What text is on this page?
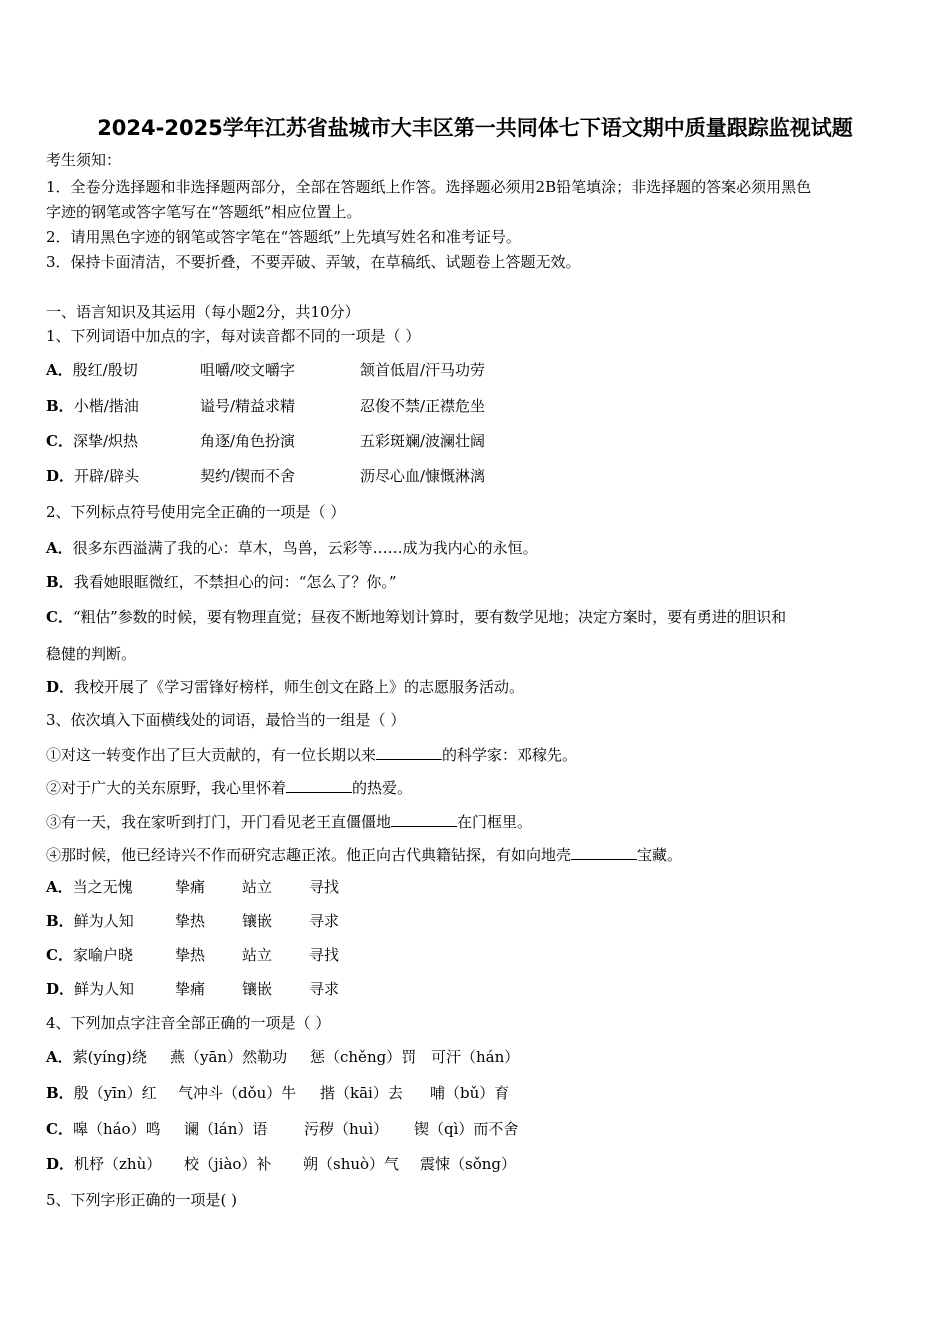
2024-2025学年江苏省盐城市大丰区第一共同体七下语文期中质量跟踪监视试题
考生须知：
1．全卷分选择题和非选择题两部分，全部在答题纸上作答。选择题必须用2B铅笔填涂；非选择题的答案必须用黑色
字迹的钢笔或答字笔写在“答题纸”相应位置上。
2．请用黑色字迹的钢笔或答字笔在“答题纸”上先填写姓名和准考证号。
3．保持卡面清洁，不要折叠，不要弄破、弄皱，在草稿纸、试题卷上答题无效。
一、语言知识及其运用（每小题2分，共10分）
1、下列词语中加点的字，每对读音都不同的一项是（ ）
A．殷红/殷切	咀嚼/咬文嚼字	颔首低眉/汗马功劳
B．小楷/揩油	谥号/精益求精	忍俊不禁/正襟危坐
C．深挚/炽热	角逐/角色扮演	五彩斑斓/波澜壮阔
D．开辟/辟头	契约/锲而不舍	沥尽心血/慷慨淋漓
2、下列标点符号使用完全正确的一项是（ ）
A．很多东西溢满了我的心：草木，鸟兽，云彩等……成为我内心的永恒。
B．我看她眼眶微红，不禁担心的问：“怎么了？你。”
C．“粗估”参数的时候，要有物理直觉；昼夜不断地筹划计算时，要有数学见地；决定方案时，要有勇进的胆识和
稳健的判断。
D．我校开展了《学习雷锋好榜样，师生创文在路上》的志愿服务活动。
3、依次填入下面横线处的词语，最恰当的一组是（ ）
①对这一转变作出了巨大贡献的，有一位长期以来	的科学家：邓稼先。
②对于广大的关东原野，我心里怀着	的热爱。
③有一天，我在家听到打门，开门看见老王直僵僵地	在门框里。
④那时候，他已经诗兴不作而研究志趣正浓。他正向古代典籍钻探，有如向地壳	宝藏。
A．当之无愧	挚痛 站立 寻找
B．鲜为人知	挚热 镶嵌 寻求
C．家喻户晓	挚热 站立 寻找
D．鲜为人知	挚痛 镶嵌 寻求
4、下列加点字注音全部正确的一项是（ ）
A．萦(yíng)绕 燕（yān）然勒功 惩（chěng）罚 可汗（hán）
B．殷（yīn）红 气冲斗（dǒu）牛 揩（kāi）去 哺（bǔ）育
C．嗥（háo）鸣 谰（lán）语 污秽（huì） 锲（qì）而不舍
D．机杼（zhù） 校（jiào）补 朔（shuò）气 震悚（sǒng）
5、下列字形正确的一项是( )
